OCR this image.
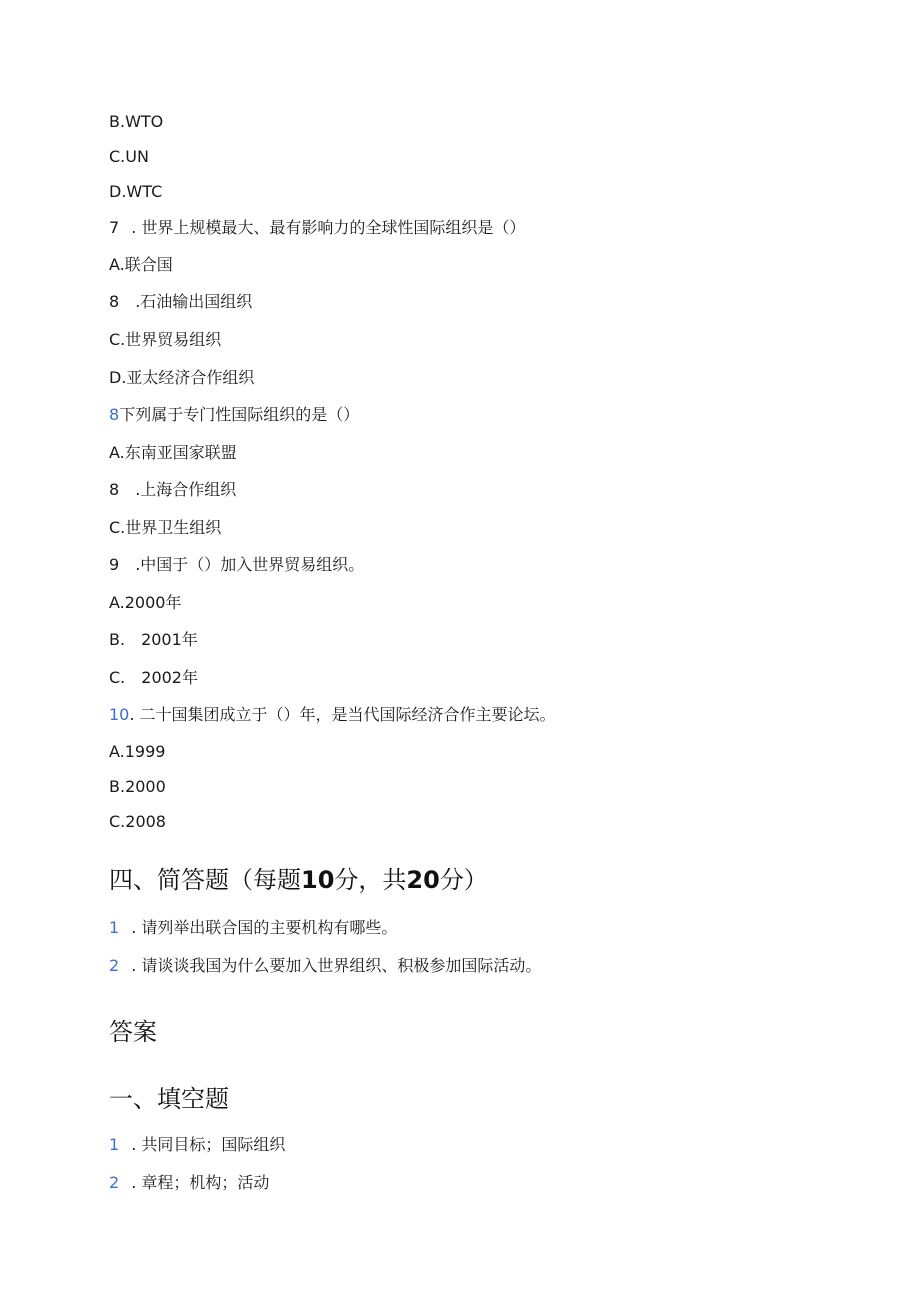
B.WTO
C.UN
D.WTC
7 . 世界上规模最大、最有影响力的全球性国际组织是（）
A.联合国
8 .石油输出国组织
C.世界贸易组织
D.亚太经济合作组织
8下列属于专门性国际组织的是（）
A.东南亚国家联盟
8 .上海合作组织
C.世界卫生组织
9 .中国于（）加入世界贸易组织。
A.2000年
B. 2001年
C. 2002年
10. 二十国集团成立于（）年，是当代国际经济合作主要论坛。
A.1999
B.2000
C.2008
四、简答题（每题10分，共20分）
1 . 请列举出联合国的主要机构有哪些。
2 . 请谈谈我国为什么要加入世界组织、积极参加国际活动。
答案
一、填空题
1 . 共同目标；国际组织
2 . 章程；机构；活动
